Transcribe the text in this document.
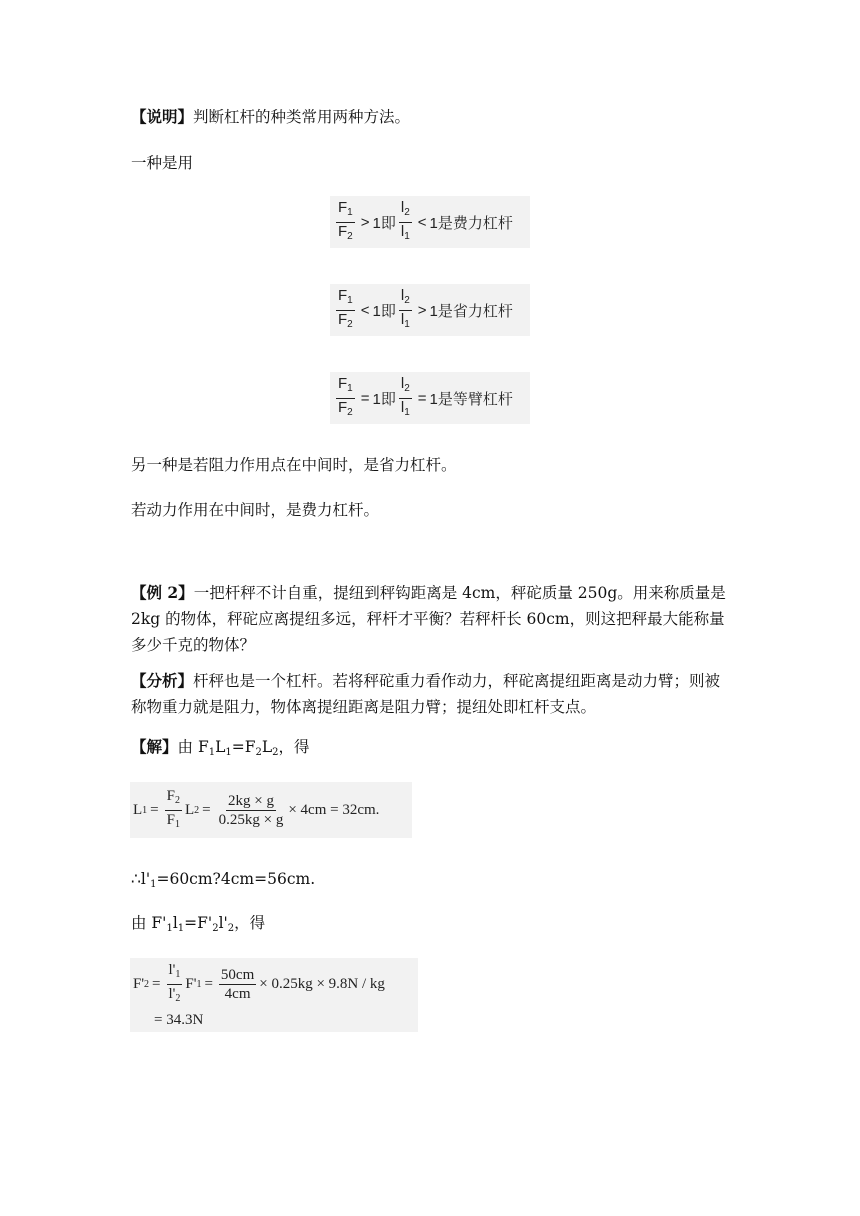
【说明】判断杠杆的种类常用两种方法。
一种是用
$\frac{F_1}{F_2} > 1$即 $\frac{l_2}{l_1} < 1$是费力杠杆
$\frac{F_1}{F_2} < 1$即 $\frac{l_2}{l_1} > 1$是省力杠杆
$\frac{F_1}{F_2} = 1$即 $\frac{l_2}{l_1} = 1$是等臂杠杆
另一种是若阻力作用点在中间时，是省力杠杆。
若动力作用在中间时，是费力杠杆。
【例 2】一把杆秤不计自重，提纽到秤钩距离是 4cm，秤砣质量 250g。用来称质量是 2kg 的物体，秤砣应离提纽多远，秤杆才平衡？若秤杆长 60cm，则这把秤最大能称量多少千克的物体？
【分析】杆秤也是一个杠杆。若将秤砣重力看作动力，秤砣离提纽距离是动力臂；则被称物重力就是阻力，物体离提纽距离是阻力臂；提纽处即杠杆支点。
【解】由 $F_1L_1=F_2L_2$，得
L $1 = \frac{F_2}{F_1}$ L $2 = \frac{2kg \times g}{0.25kg \times g} \times 4cm = 32cm$.
$\therefore l'_1=60cm?4cm=56cm$.
由 $F'_1l_1=F'_2l'_2$，得
F' $2 = \frac{l'_1}{l'_2} F'$ $1 = \frac{50cm}{4cm} \times 0.25kg \times 9.8N$ / kg
= 34.3N
